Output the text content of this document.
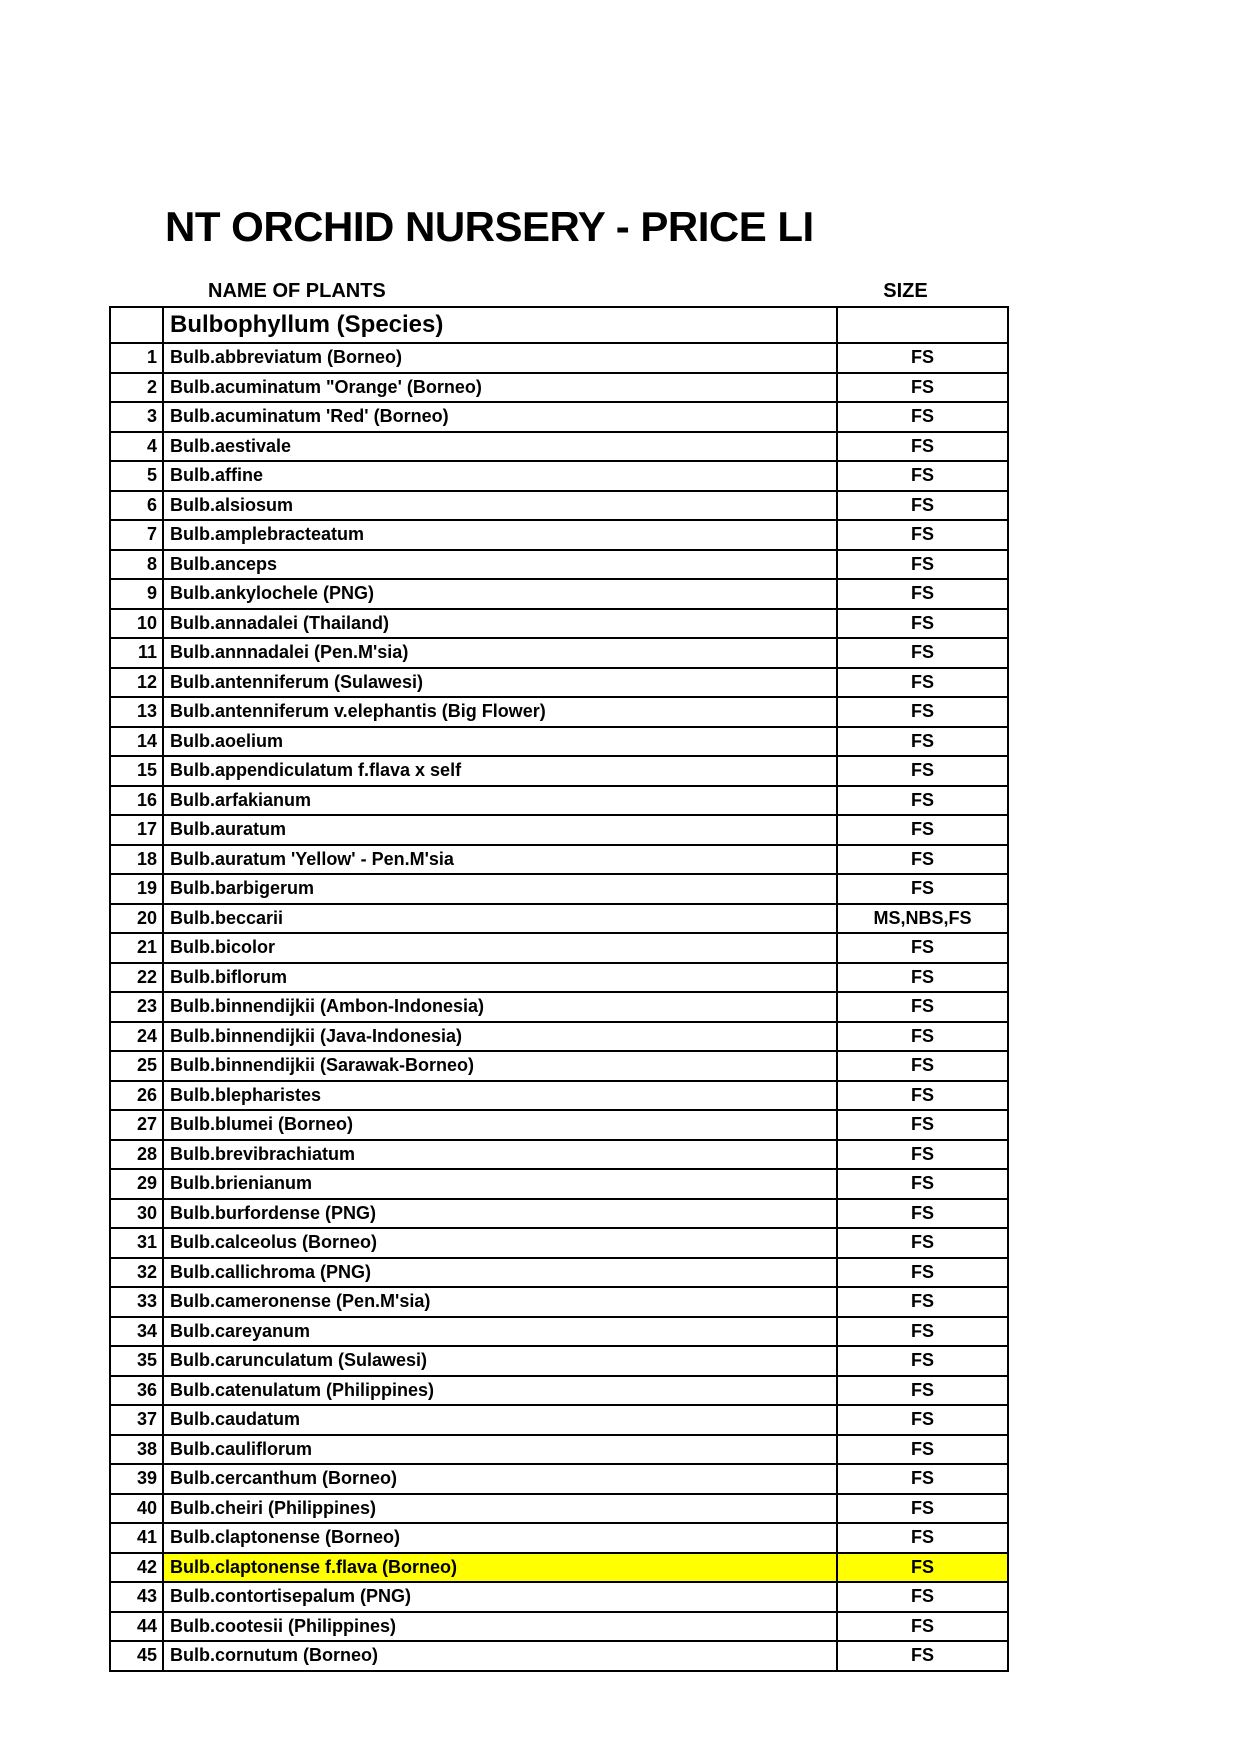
NT ORCHID NURSERY - PRICE LI
NAME OF PLANTS	SIZE
	Bulbophyllum (Species)	
1	Bulb.abbreviatum (Borneo)	FS
2	Bulb.acuminatum "Orange' (Borneo)	FS
3	Bulb.acuminatum 'Red' (Borneo)	FS
4	Bulb.aestivale	FS
5	Bulb.affine	FS
6	Bulb.alsiosum	FS
7	Bulb.amplebracteatum	FS
8	Bulb.anceps	FS
9	Bulb.ankylochele (PNG)	FS
10	Bulb.annadalei (Thailand)	FS
11	Bulb.annnadalei (Pen.M'sia)	FS
12	Bulb.antenniferum (Sulawesi)	FS
13	Bulb.antenniferum v.elephantis (Big Flower)	FS
14	Bulb.aoelium	FS
15	Bulb.appendiculatum f.flava x self	FS
16	Bulb.arfakianum	FS
17	Bulb.auratum	FS
18	Bulb.auratum 'Yellow' - Pen.M'sia	FS
19	Bulb.barbigerum	FS
20	Bulb.beccarii	MS,NBS,FS
21	Bulb.bicolor	FS
22	Bulb.biflorum	FS
23	Bulb.binnendijkii (Ambon-Indonesia)	FS
24	Bulb.binnendijkii (Java-Indonesia)	FS
25	Bulb.binnendijkii (Sarawak-Borneo)	FS
26	Bulb.blepharistes	FS
27	Bulb.blumei (Borneo)	FS
28	Bulb.brevibrachiatum	FS
29	Bulb.brienianum	FS
30	Bulb.burfordense (PNG)	FS
31	Bulb.calceolus (Borneo)	FS
32	Bulb.callichroma (PNG)	FS
33	Bulb.cameronense (Pen.M'sia)	FS
34	Bulb.careyanum	FS
35	Bulb.carunculatum (Sulawesi)	FS
36	Bulb.catenulatum (Philippines)	FS
37	Bulb.caudatum	FS
38	Bulb.cauliflorum	FS
39	Bulb.cercanthum (Borneo)	FS
40	Bulb.cheiri (Philippines)	FS
41	Bulb.claptonense (Borneo)	FS
42	Bulb.claptonense f.flava (Borneo)	FS
43	Bulb.contortisepalum (PNG)	FS
44	Bulb.cootesii (Philippines)	FS
45	Bulb.cornutum (Borneo)	FS
